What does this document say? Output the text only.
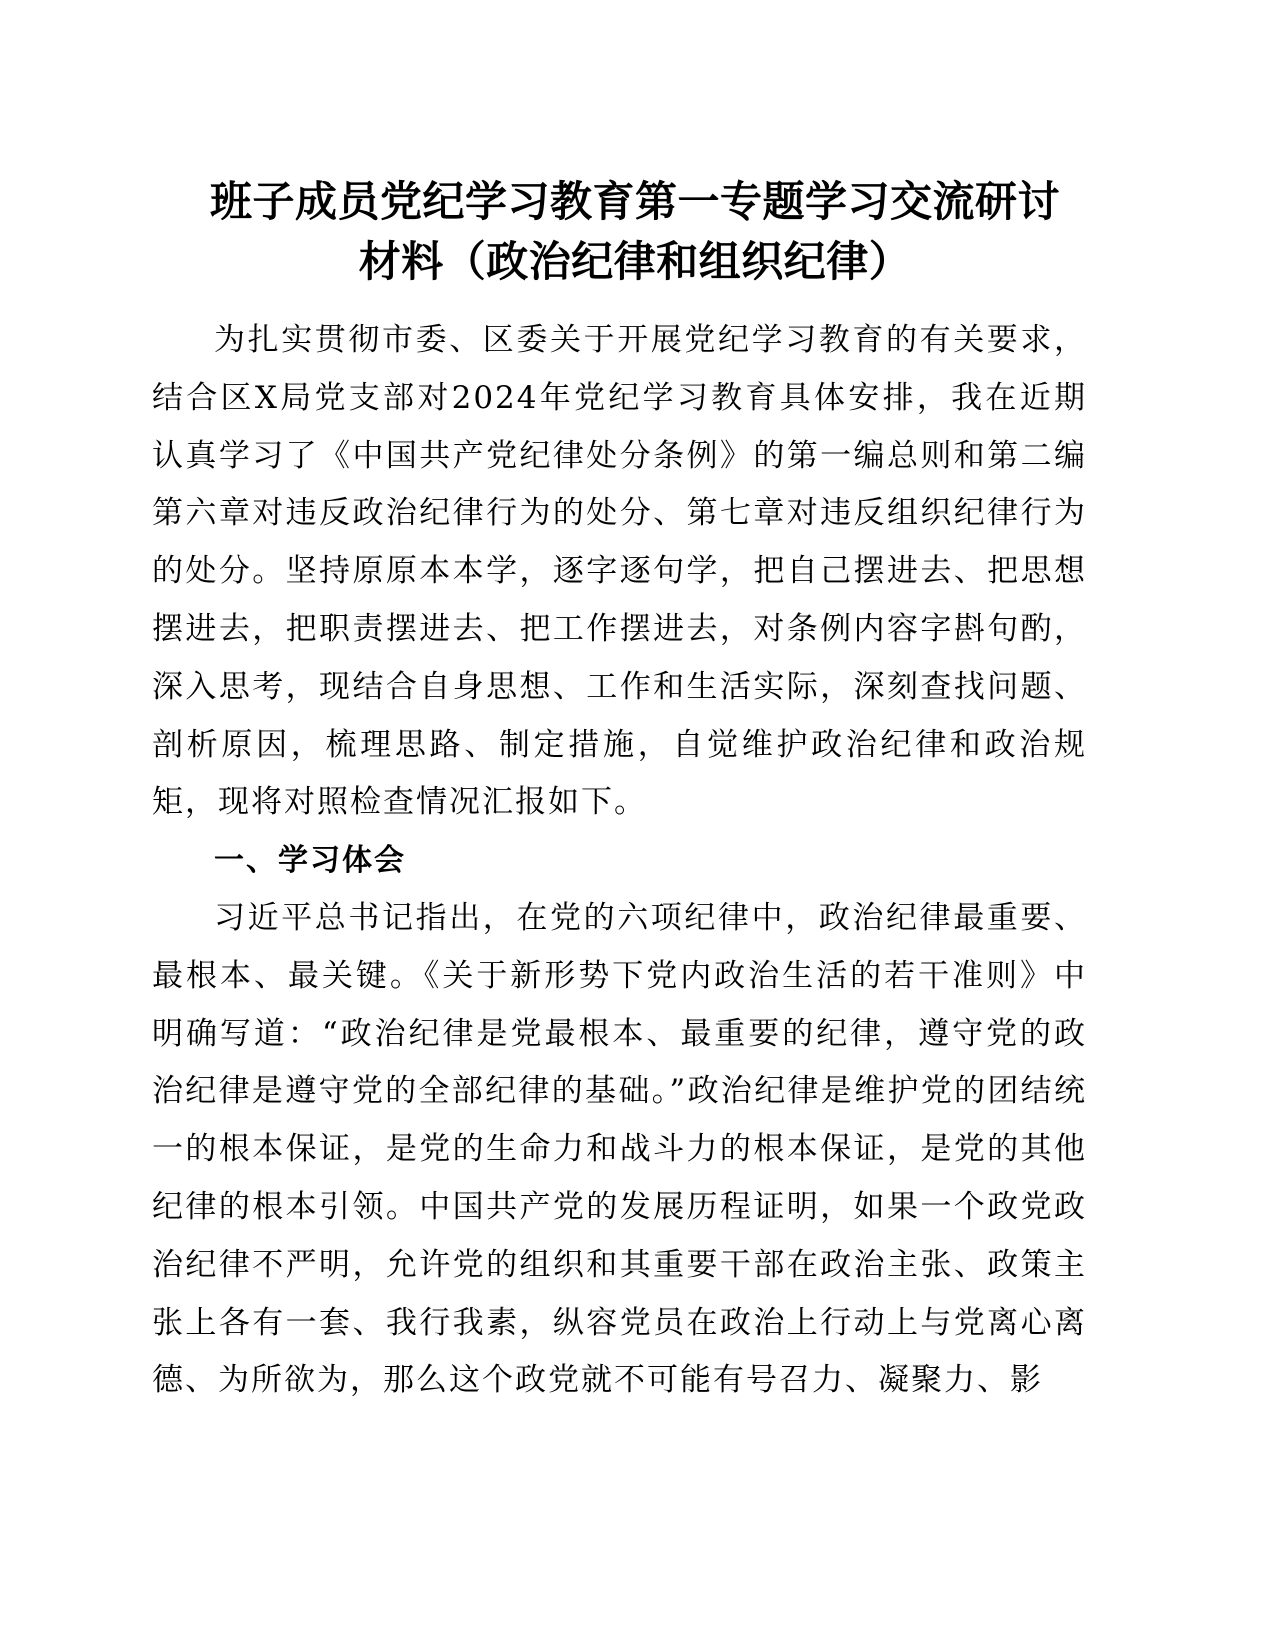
班子成员党纪学习教育第一专题学习交流研讨
材料（政治纪律和组织纪律）

为扎实贯彻市委、区委关于开展党纪学习教育的有关要求，结合区X局党支部对2024年党纪学习教育具体安排，我在近期认真学习了《中国共产党纪律处分条例》的第一编总则和第二编第六章对违反政治纪律行为的处分、第七章对违反组织纪律行为的处分。坚持原原本本学，逐字逐句学，把自己摆进去、把思想摆进去，把职责摆进去、把工作摆进去，对条例内容字斟句酌，深入思考，现结合自身思想、工作和生活实际，深刻查找问题、剖析原因，梳理思路、制定措施，自觉维护政治纪律和政治规矩，现将对照检查情况汇报如下。

一、学习体会

习近平总书记指出，在党的六项纪律中，政治纪律最重要、最根本、最关键。《关于新形势下党内政治生活的若干准则》中明确写道：“政治纪律是党最根本、最重要的纪律，遵守党的政治纪律是遵守党的全部纪律的基础。”政治纪律是维护党的团结统一的根本保证，是党的生命力和战斗力的根本保证，是党的其他纪律的根本引领。中国共产党的发展历程证明，如果一个政党政治纪律不严明，允许党的组织和其重要干部在政治主张、政策主张上各有一套、我行我素，纵容党员在政治上行动上与党离心离德、为所欲为，那么这个政党就不可能有号召力、凝聚力、影
